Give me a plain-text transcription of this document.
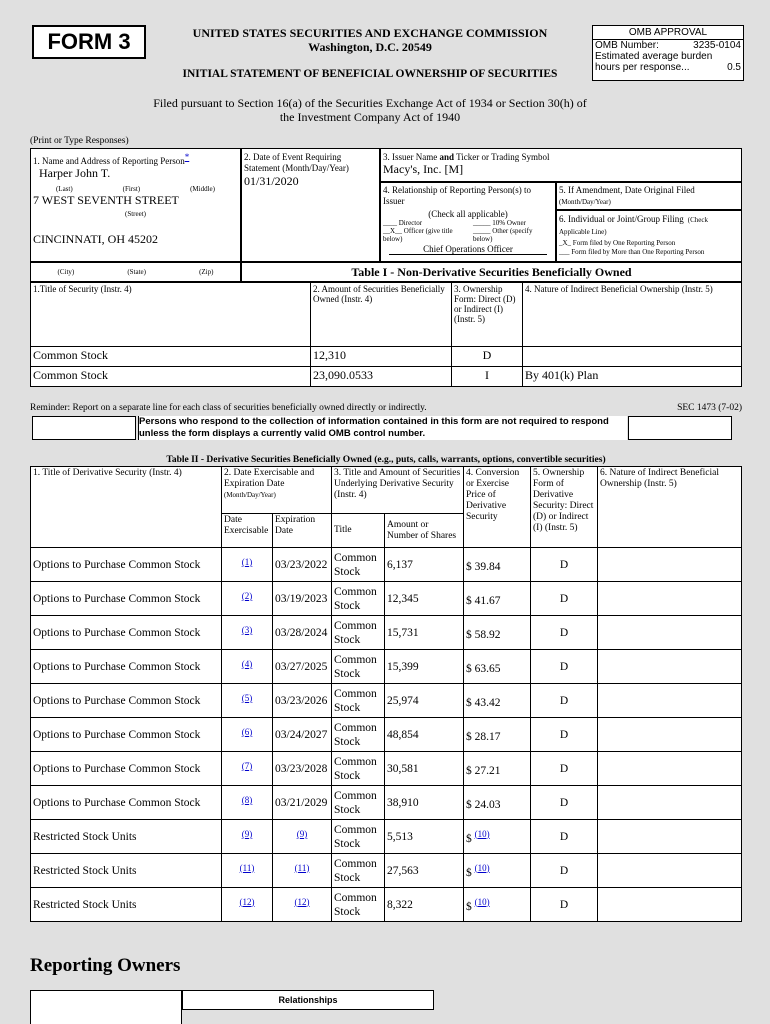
FORM 3	UNITED STATES SECURITIES AND EXCHANGE COMMISSION
Washington, D.C. 20549
INITIAL STATEMENT OF BENEFICIAL OWNERSHIP OF SECURITIES
OMB APPROVAL
OMB Number:	3235-0104
Estimated average burden
hours per response...	0.5
Filed pursuant to Section 16(a) of the Securities Exchange Act of 1934 or Section 30(h) of
the Investment Company Act of 1940
(Print or Type Responses)
1. Name and Address of Reporting Person*
Harper John T.
(Last)	(First)	(Middle)
7 WEST SEVENTH STREET
(Street)
CINCINNATI, OH 45202
(City)	(State)	(Zip)
2. Date of Event Requiring Statement (Month/Day/Year)
01/31/2020
3. Issuer Name and Ticker or Trading Symbol
Macy's, Inc. [M]
4. Relationship of Reporting Person(s) to Issuer
(Check all applicable)
____ Director
__X__ Officer (give title below)
_____ 10% Owner
_____ Other (specify below)
Chief Operations Officer
5. If Amendment, Date Original Filed (Month/Day/Year)
6. Individual or Joint/Group Filing (Check Applicable Line)
_X_ Form filed by One Reporting Person
___ Form filed by More than One Reporting Person
Table I - Non-Derivative Securities Beneficially Owned
1.Title of Security (Instr. 4)	2. Amount of Securities Beneficially Owned (Instr. 4)	3. Ownership Form: Direct (D) or Indirect (I) (Instr. 5)	4. Nature of Indirect Beneficial Ownership (Instr. 5)
Common Stock	12,310	D	
Common Stock	23,090.0533	I	By 401(k) Plan
Reminder: Report on a separate line for each class of securities beneficially owned directly or indirectly.	SEC 1473 (7-02)
Persons who respond to the collection of information contained in this form are not required to respond
unless the form displays a currently valid OMB control number.
Table II - Derivative Securities Beneficially Owned (e.g., puts, calls, warrants, options, convertible securities)
1. Title of Derivative Security (Instr. 4)	2. Date Exercisable and Expiration Date
(Month/Day/Year)		3. Title and Amount of Securities Underlying Derivative Security (Instr. 4)		4. Conversion or Exercise Price of Derivative Security	5. Ownership Form of Derivative Security: Direct (D) or Indirect (I) (Instr. 5)	6. Nature of Indirect Beneficial Ownership (Instr. 5)
	Date Exercisable	Expiration Date	Title	Amount or Number of Shares			
Options to Purchase Common Stock	$^{(1)}$	03/23/2022	Common Stock	6,137	$ 39.84	D	
Options to Purchase Common Stock	$^{(2)}$	03/19/2023	Common Stock	12,345	$ 41.67	D	
Options to Purchase Common Stock	$^{(3)}$	03/28/2024	Common Stock	15,731	$ 58.92	D	
Options to Purchase Common Stock	$^{(4)}$	03/27/2025	Common Stock	15,399	$ 63.65	D	
Options to Purchase Common Stock	$^{(5)}$	03/23/2026	Common Stock	25,974	$ 43.42	D	
Options to Purchase Common Stock	$^{(6)}$	03/24/2027	Common Stock	48,854	$ 28.17	D	
Options to Purchase Common Stock	$^{(7)}$	03/23/2028	Common Stock	30,581	$ 27.21	D	
Options to Purchase Common Stock	$^{(8)}$	03/21/2029	Common Stock	38,910	$ 24.03	D	
Restricted Stock Units	$^{(9)}$	$^{(9)}$	Common Stock	5,513	$ $^{(10)}$	D	
Restricted Stock Units	$^{(11)}$	$^{(11)}$	Common Stock	27,563	$ $^{(10)}$	D	
Restricted Stock Units	$^{(12)}$	$^{(12)}$	Common Stock	8,322	$ $^{(10)}$	D	
Reporting Owners
Relationships
